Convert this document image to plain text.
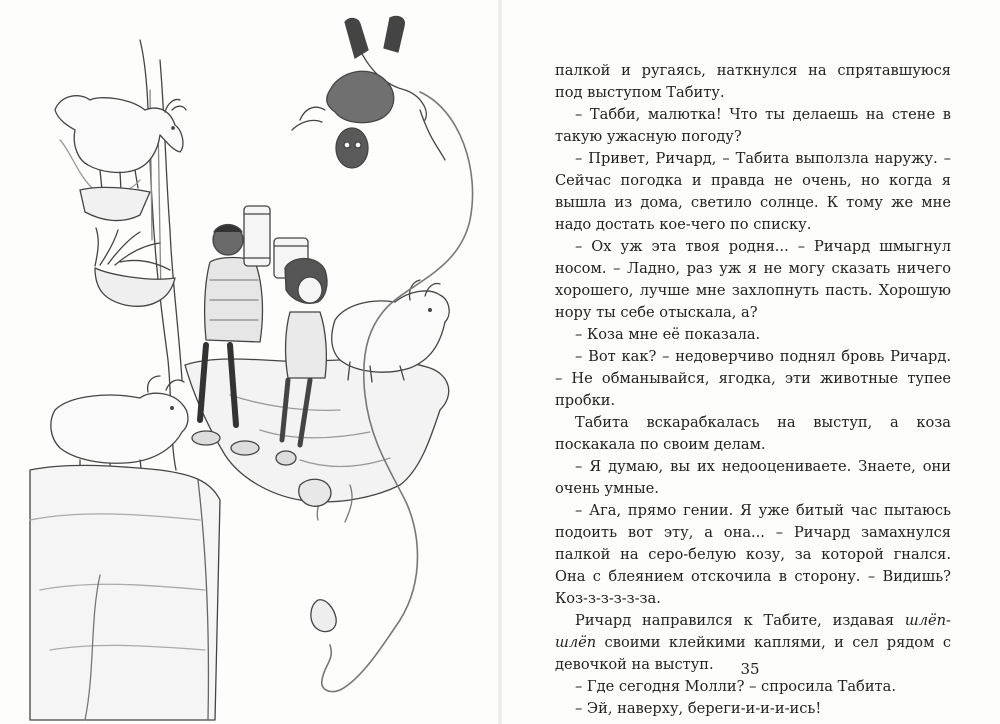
палкой и ругаясь, наткнулся на спрятавшуюся под выступом Табиту.

– Табби, малютка! Что ты делаешь на стене в такую ужасную погоду?

– Привет, Ричард, – Табита выползла наружу. – Сейчас погодка и правда не очень, но когда я вышла из дома, светило солнце. К тому же мне надо достать кое-чего по списку.

– Ох уж эта твоя родня... – Ричард шмыгнул носом. – Ладно, раз уж я не могу сказать ничего хорошего, лучше мне захлопнуть пасть. Хорошую нору ты себе отыскала, а?

– Коза мне её показала.

– Вот как? – недоверчиво поднял бровь Ричард. – Не обманывайся, ягодка, эти животные тупее пробки.

Табита вскарабкалась на выступ, а коза поскакала по своим делам.

– Я думаю, вы их недооцениваете. Знаете, они очень умные.

– Ага, прямо гении. Я уже битый час пытаюсь подоить вот эту, а она... – Ричард замахнулся палкой на серо-белую козу, за которой гнался. Она с блеянием отскочила в сторону. – Видишь? Коз-з-з-з-з-за.

Ричард направился к Табите, издавая шлёп-шлёп своими клейкими каплями, и сел рядом с девочкой на выступ.

– Где сегодня Молли? – спросила Табита.

– Эй, наверху, береги-и-и-и-ись!

35
